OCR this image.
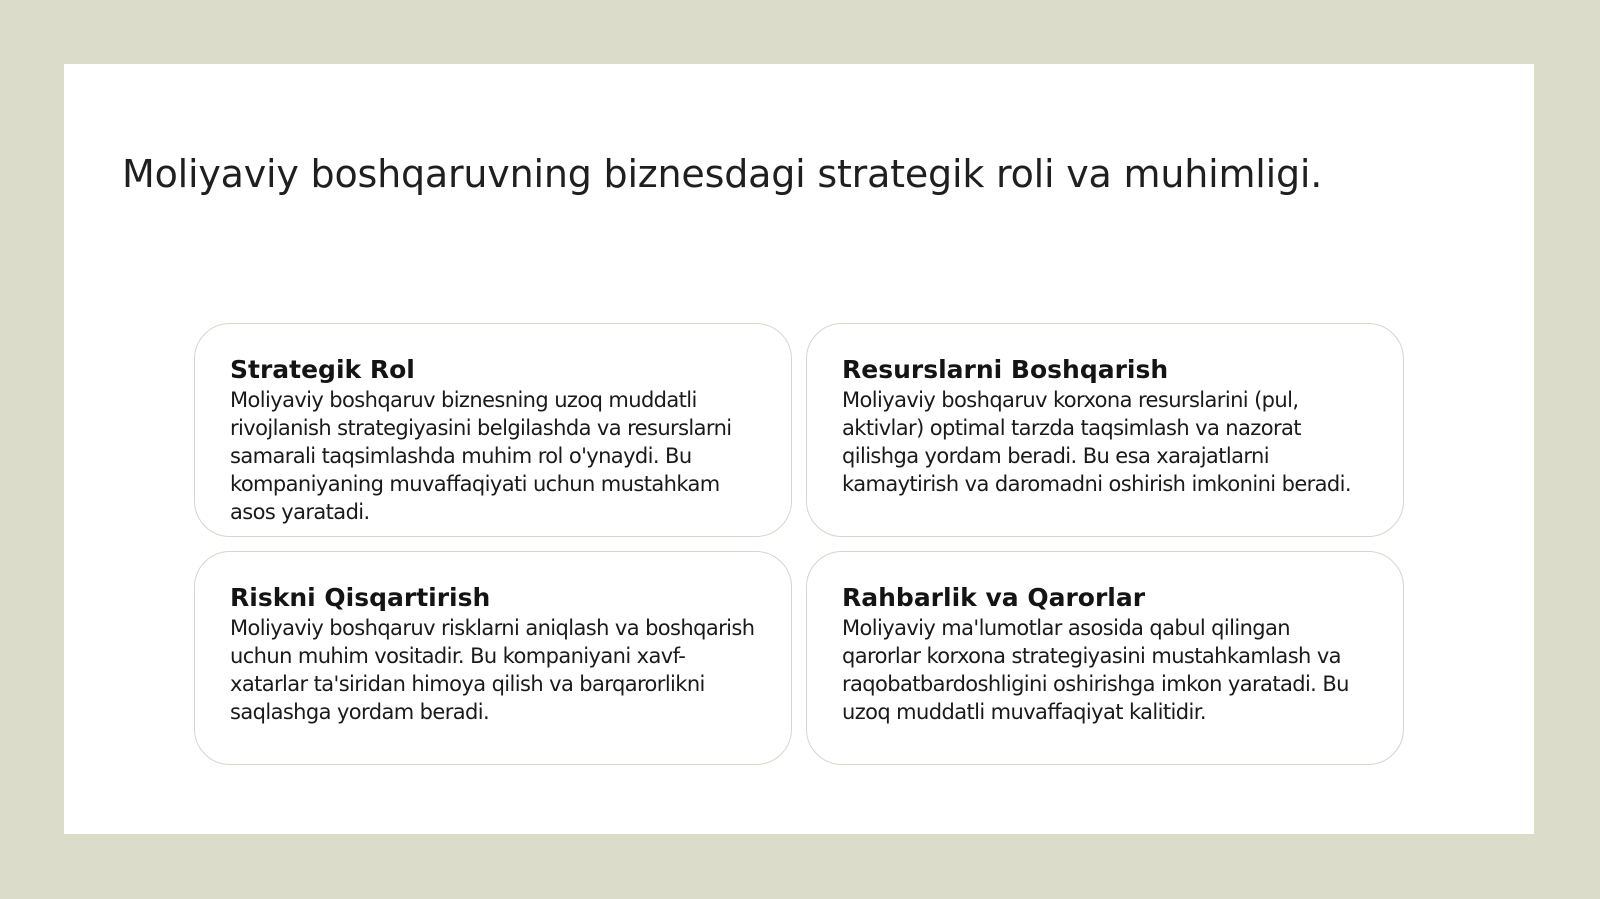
Moliyaviy boshqaruvning biznesdagi strategik roli va muhimligi.
Strategik Rol

Moliyaviy boshqaruv biznesning uzoq muddatli rivojlanish strategiyasini belgilashda va resurslarni samarali taqsimlashda muhim rol o'ynaydi. Bu kompaniyaning muvaffaqiyati uchun mustahkam asos yaratadi.

Resurslarni Boshqarish

Moliyaviy boshqaruv korxona resurslarini (pul, aktivlar) optimal tarzda taqsimlash va nazorat qilishga yordam beradi. Bu esa xarajatlarni kamaytirish va daromadni oshirish imkonini beradi.

Riskni Qisqartirish

Moliyaviy boshqaruv risklarni aniqlash va boshqarish uchun muhim vositadir. Bu kompaniyani xavf-xatarlar ta'siridan himoya qilish va barqarorlikni saqlashga yordam beradi.

Rahbarlik va Qarorlar

Moliyaviy ma'lumotlar asosida qabul qilingan qarorlar korxona strategiyasini mustahkamlash va raqobatbardoshligini oshirishga imkon yaratadi. Bu uzoq muddatli muvaffaqiyat kalitidir.
